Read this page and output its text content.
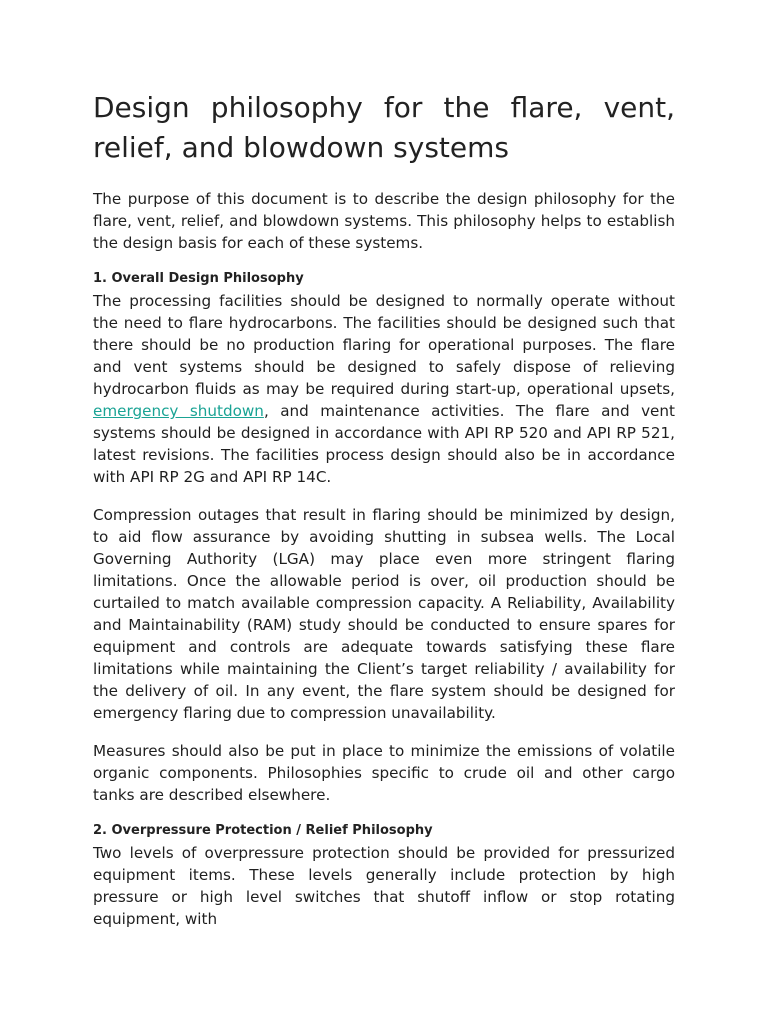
Design philosophy for the flare, vent, relief, and blowdown systems

The purpose of this document is to describe the design philosophy for the flare, vent, relief, and blowdown systems. This philosophy helps to establish the design basis for each of these systems.

1. Overall Design Philosophy

The processing facilities should be designed to normally operate without the need to flare hydrocarbons. The facilities should be designed such that there should be no production flaring for operational purposes. The flare and vent systems should be designed to safely dispose of relieving hydrocarbon fluids as may be required during start-up, operational upsets, emergency shutdown, and maintenance activities. The flare and vent systems should be designed in accordance with API RP 520 and API RP 521, latest revisions. The facilities process design should also be in accordance with API RP 2G and API RP 14C.

Compression outages that result in flaring should be minimized by design, to aid flow assurance by avoiding shutting in subsea wells. The Local Governing Authority (LGA) may place even more stringent flaring limitations. Once the allowable period is over, oil production should be curtailed to match available compression capacity. A Reliability, Availability and Maintainability (RAM) study should be conducted to ensure spares for equipment and controls are adequate towards satisfying these flare limitations while maintaining the Client’s target reliability / availability for the delivery of oil. In any event, the flare system should be designed for emergency flaring due to compression unavailability.

Measures should also be put in place to minimize the emissions of volatile organic components. Philosophies specific to crude oil and other cargo tanks are described elsewhere.

2. Overpressure Protection / Relief Philosophy

Two levels of overpressure protection should be provided for pressurized equipment items. These levels generally include protection by high pressure or high level switches that shutoff inflow or stop rotating equipment, with
